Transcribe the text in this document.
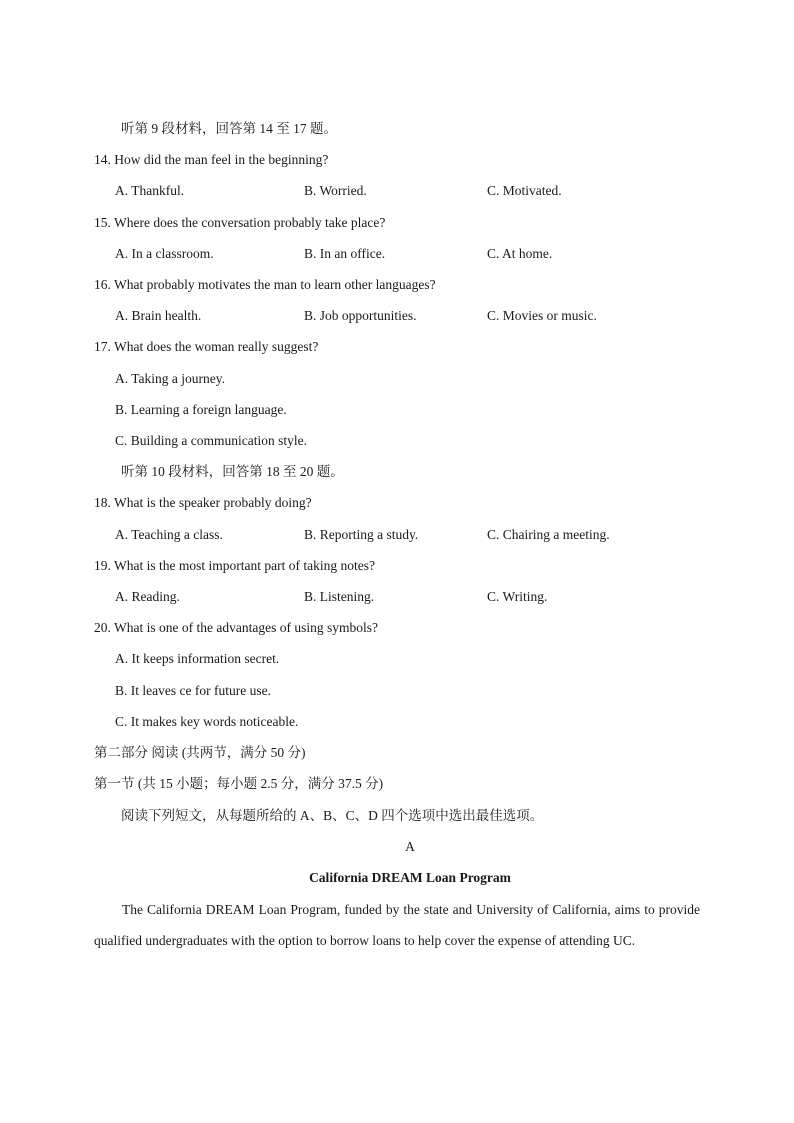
听第 9 段材料，回答第 14 至 17 题。
14. How did the man feel in the beginning?
A. Thankful.	B. Worried.	C. Motivated.
15. Where does the conversation probably take place?
A. In a classroom.	B. In an office.	C. At home.
16. What probably motivates the man to learn other languages?
A. Brain health.	B. Job opportunities.	C. Movies or music.
17. What does the woman really suggest?
A. Taking a journey.
B. Learning a foreign language.
C. Building a communication style.
听第 10 段材料，回答第 18 至 20 题。
18. What is the speaker probably doing?
A. Teaching a class.	B. Reporting a study.	C. Chairing a meeting.
19. What is the most important part of taking notes?
A. Reading.	B. Listening.	C. Writing.
20. What is one of the advantages of using symbols?
A. It keeps information secret.
B. It leaves ce for future use.
C. It makes key words noticeable.
第二部分 阅读 (共两节，满分 50 分)
第一节 (共 15 小题；每小题 2.5 分，满分 37.5 分)
阅读下列短文，从每题所给的 A、B、C、D 四个选项中选出最佳选项。
A
California DREAM Loan Program
The California DREAM Loan Program, funded by the state and University of California, aims to provide qualified undergraduates with the option to borrow loans to help cover the expense of attending UC.
